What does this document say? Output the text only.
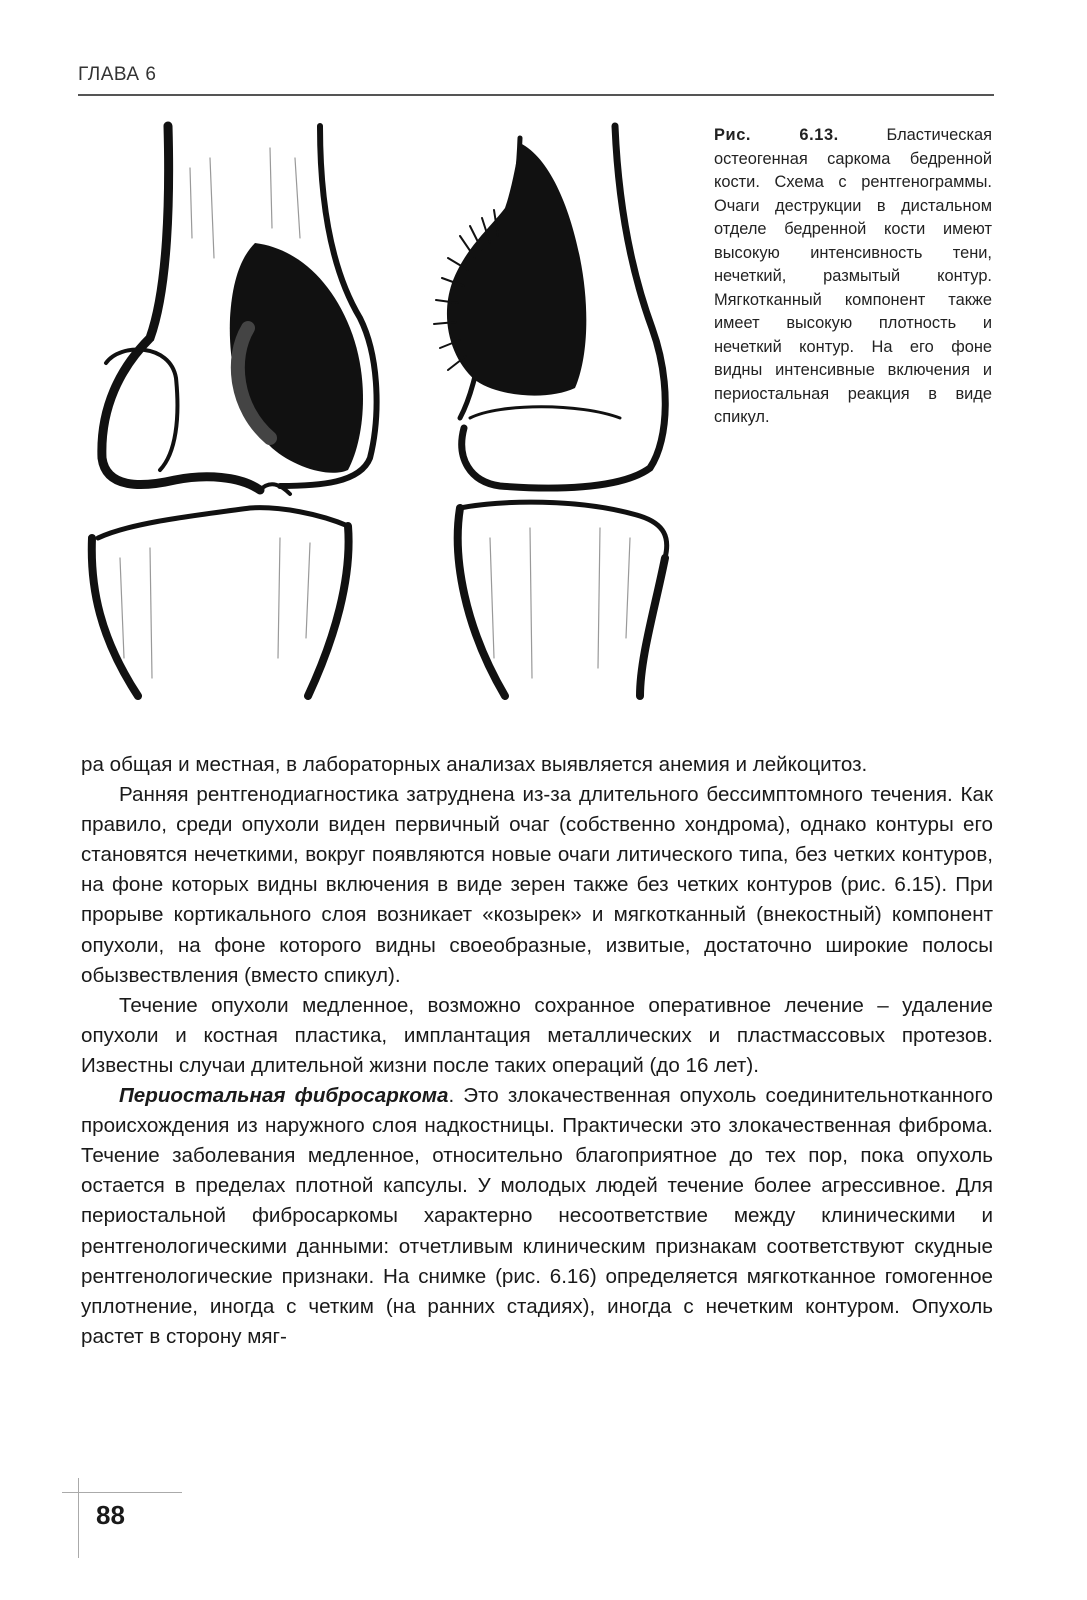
ГЛАВА 6
Рис. 6.13.	Бластическая остеогенная саркома бедренной кости. Схема с рентгенограммы. Очаги деструкции в дистальном отделе бедренной кости имеют высокую интенсивность тени, нечеткий, размытый контур. Мягкотканный компонент также имеет высокую плотность и нечеткий контур. На его фоне видны интенсивные включения и периостальная реакция в виде спикул.

ра общая и местная, в лабораторных анализах выявляется анемия и лейкоцитоз.

Ранняя рентгенодиагностика затруднена из-за длительного бессимптомного течения. Как правило, среди опухоли виден первичный очаг (собственно хондрома), однако контуры его становятся нечеткими, вокруг появляются новые очаги литического типа, без четких контуров, на фоне которых видны включения в виде зерен также без четких контуров (рис. 6.15). При прорыве кортикального слоя возникает «козырек» и мягкотканный (внекостный) компонент опухоли, на фоне которого видны своеобразные, извитые, достаточно широкие полосы обызвествления (вместо спикул).

Течение опухоли медленное, возможно сохранное оперативное лечение – удаление опухоли и костная пластика, имплантация металлических и пластмассовых протезов. Известны случаи длительной жизни после таких операций (до 16 лет).

Периостальная фибросаркома. Это злокачественная опухоль соединительнотканного происхождения из наружного слоя надкостницы. Практически это злокачественная фиброма. Течение заболевания медленное, относительно благоприятное до тех пор, пока опухоль остается в пределах плотной капсулы. У молодых людей течение более агрессивное. Для периостальной фибросаркомы характерно несоответствие между клиническими и рентгенологическими данными: отчетливым клиническим признакам соответствуют скудные рентгенологические признаки. На снимке (рис. 6.16) определяется мягкотканное гомогенное уплотнение, иногда с четким (на ранних стадиях), иногда с нечетким контуром. Опухоль растет в сторону мяг-

88
